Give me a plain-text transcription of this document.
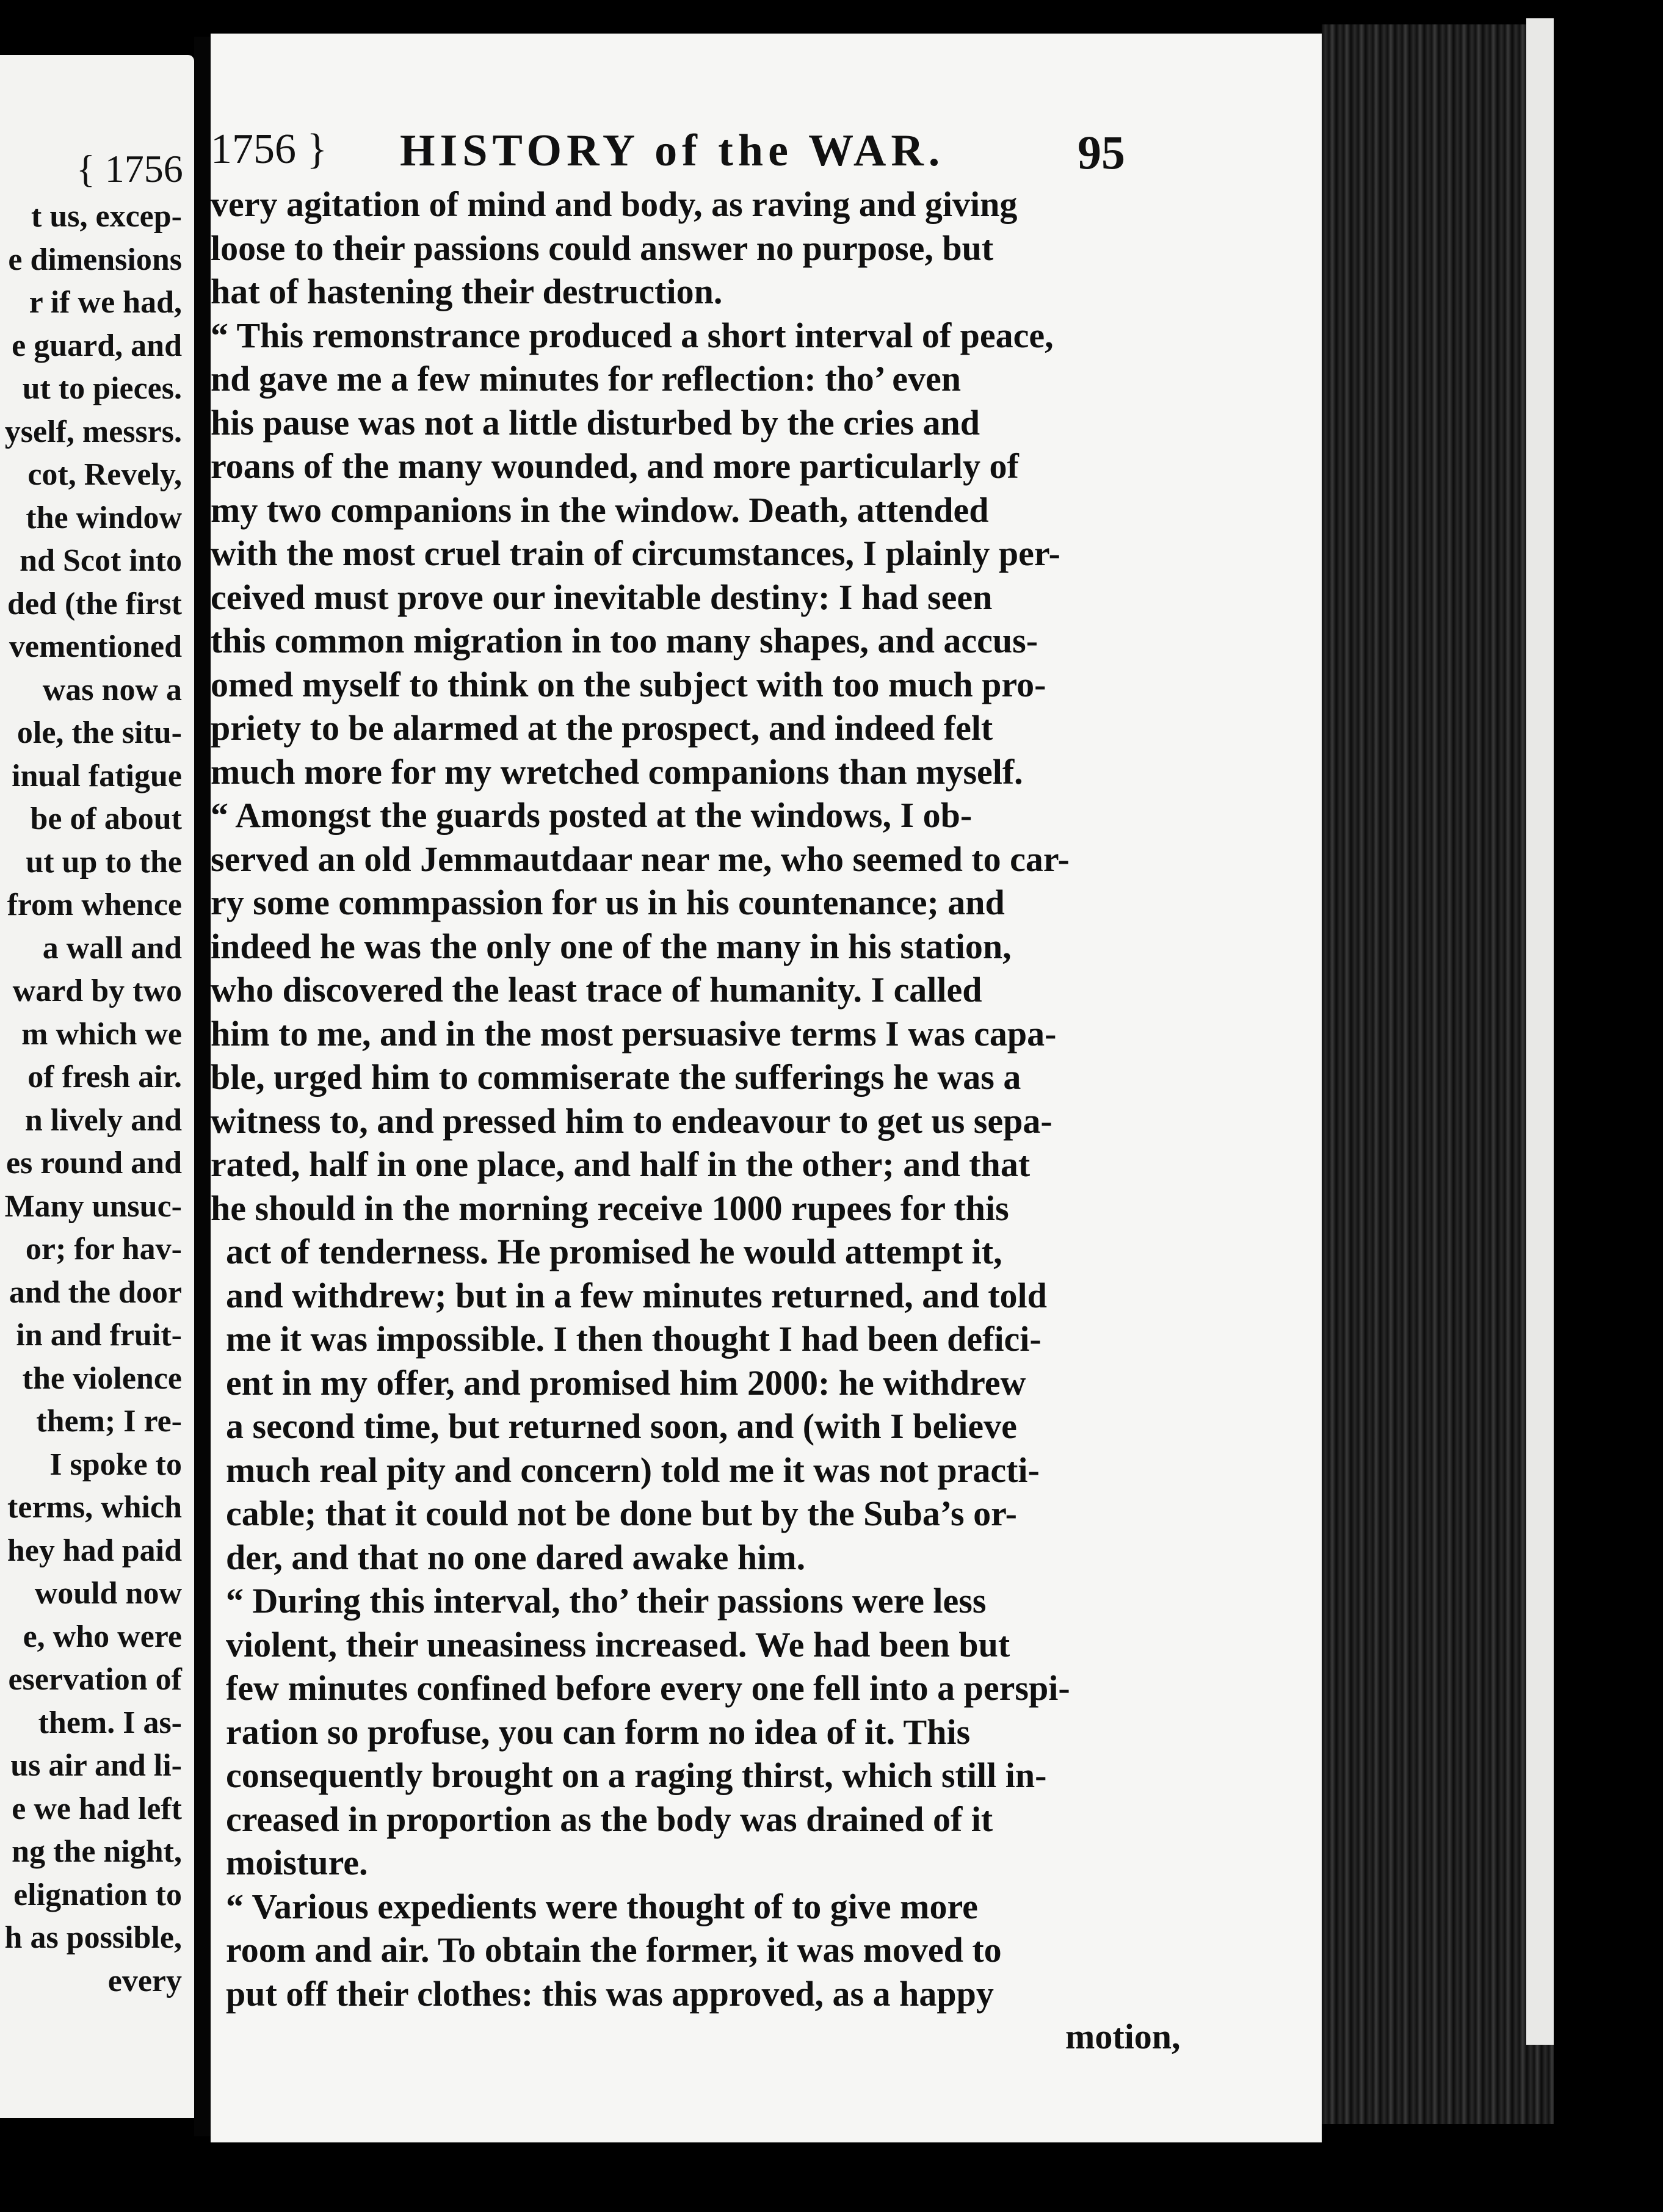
{ 1756
t us, excep-
e dimensions
r if we had,
e guard, and
ut to pieces.
yself, messrs.
cot, Revely,
the window
nd Scot into
ded (the first
vementioned
was now a
ole, the situ-
inual fatigue
be of about
ut up to the
from whence
a wall and
ward by two
m which we
of fresh air.
n lively and
es round and
Many unsuc-
or; for hav-
and the door
in and fruit-
the violence
them; I re-
I spoke to
terms, which
hey had paid
would now
e, who were
eservation of
them. I as-
us air and li-
e we had left
ng the night,
elignation to
h as possible,
every
1756 } HISTORY of the WAR.	95
very agitation of mind and body, as raving and giving
loose to their passions could answer no purpose, but
hat of hastening their destruction.
“ This remonstrance produced a short interval of peace,
nd gave me a few minutes for reflection: tho’ even
his pause was not a little disturbed by the cries and
roans of the many wounded, and more particularly of
my two companions in the window. Death, attended
with the most cruel train of circumstances, I plainly per-
ceived must prove our inevitable destiny: I had seen
this common migration in too many shapes, and accus-
omed myself to think on the subject with too much pro-
priety to be alarmed at the prospect, and indeed felt
much more for my wretched companions than myself.
“ Amongst the guards posted at the windows, I ob-
served an old Jemmautdaar near me, who seemed to car-
ry some commpassion for us in his countenance; and
indeed he was the only one of the many in his station,
who discovered the least trace of humanity. I called
him to me, and in the most persuasive terms I was capa-
ble, urged him to commiserate the sufferings he was a
witness to, and pressed him to endeavour to get us sepa-
rated, half in one place, and half in the other; and that
he should in the morning receive 1000 rupees for this
act of tenderness. He promised he would attempt it,
and withdrew; but in a few minutes returned, and told
me it was impossible. I then thought I had been defici-
ent in my offer, and promised him 2000: he withdrew
a second time, but returned soon, and (with I believe
much real pity and concern) told me it was not practi-
cable; that it could not be done but by the Suba’s or-
der, and that no one dared awake him.
“ During this interval, tho’ their passions were less
violent, their uneasiness increased. We had been but
few minutes confined before every one fell into a perspi-
ration so profuse, you can form no idea of it. This
consequently brought on a raging thirst, which still in-
creased in proportion as the body was drained of it
moisture.
“ Various expedients were thought of to give more
room and air. To obtain the former, it was moved to
put off their clothes: this was approved, as a happy
motion,
